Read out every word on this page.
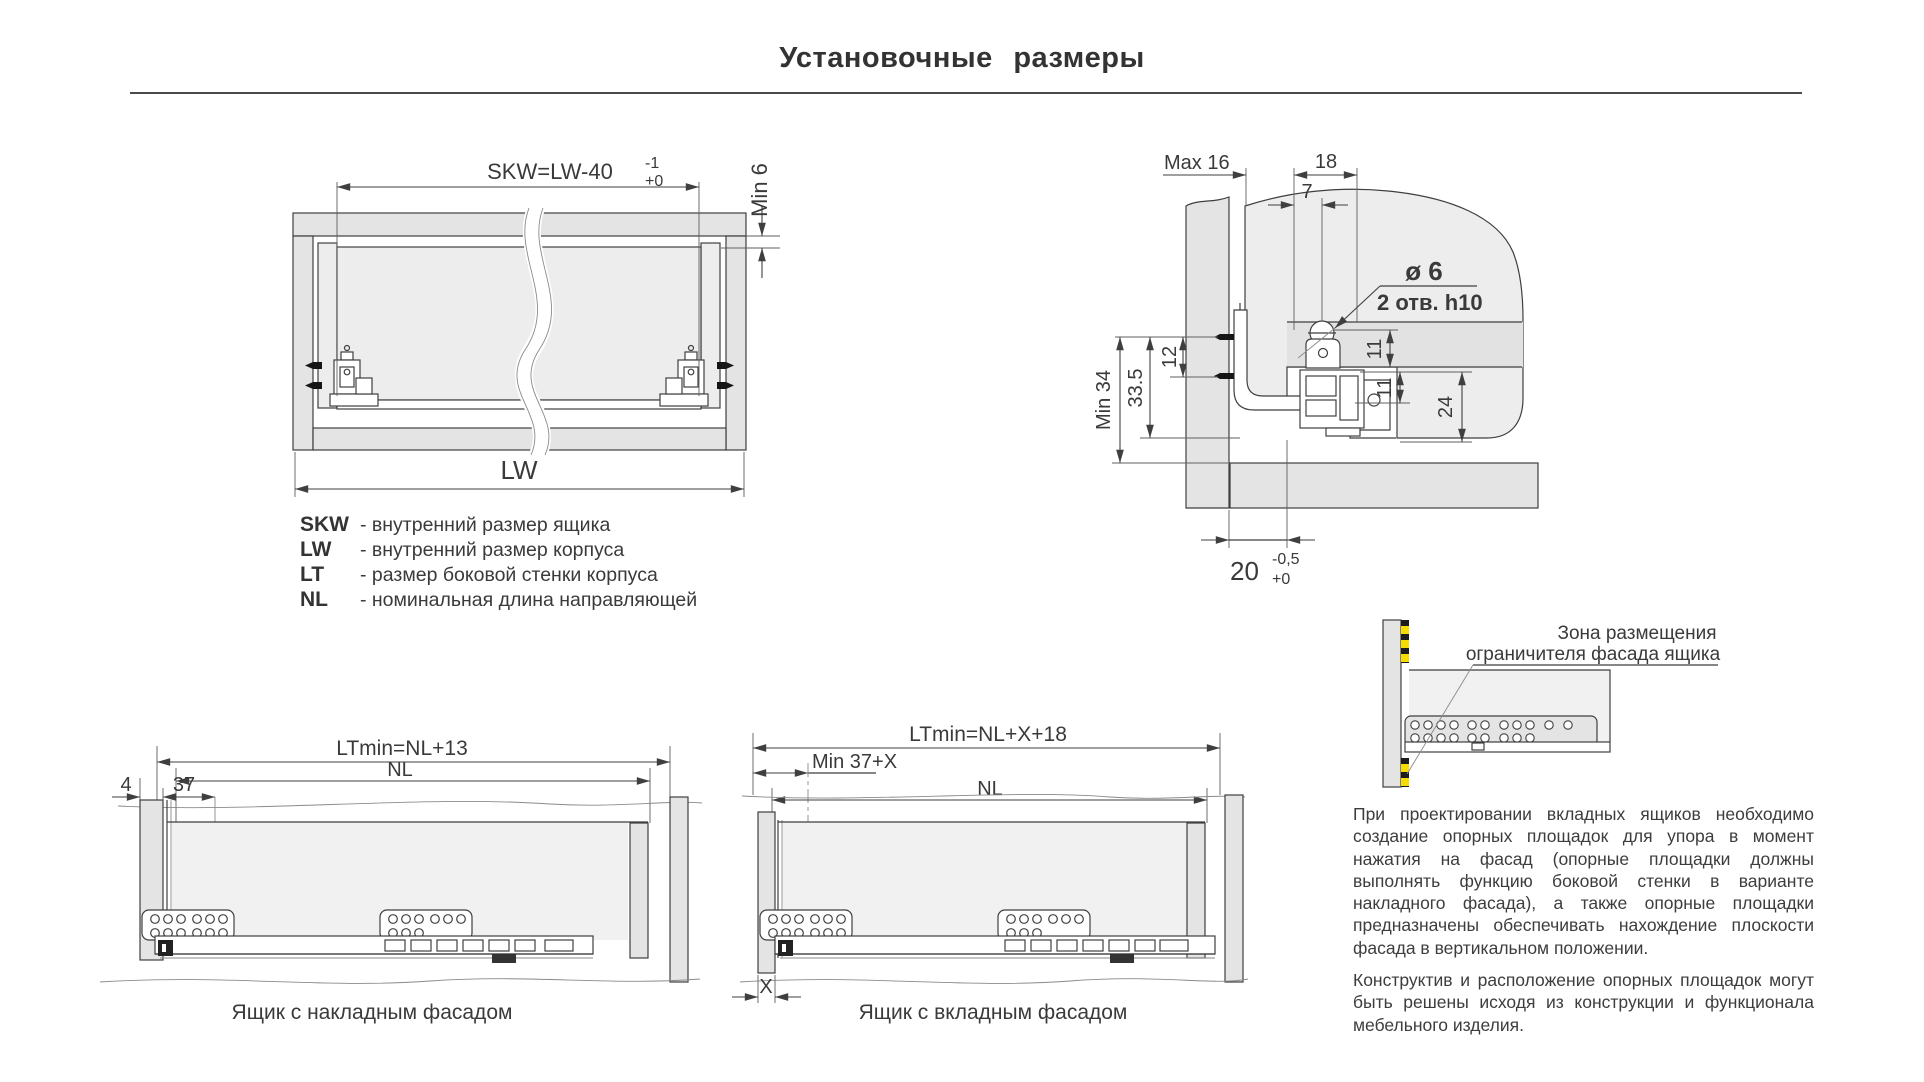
Установочные размеры
SKW=LW-40 -1
+0	Min 6
LW
Max 16	18
7
ø 6
2 отв. h10
12
33.5
Min 34
11
11
24
20 -0,5
+0
Зона размещения
ограничителя фасада ящика
LTmin=NL+13
NL
4 37
Ящик с накладным фасадом
LTmin=NL+X+18
Min 37+X
NL
X
Ящик с вкладным фасадом
SKW - внутренний размер ящика
LW - внутренний размер корпуса
LT - размер боковой стенки корпуса
NL - номинальная длина направляющей

При проектировании вкладных ящиков необходимо создание опорных площадок для упора в момент нажатия на фасад (опорные площадки должны выполнять функцию боковой стенки в варианте накладного фасада), а также опорные площадки предназначены обеспечивать нахождение плоскости фасада в вертикальном положении.

Конструктив и расположение опорных площадок могут быть решены исходя из конструкции и функционала мебельного изделия.
